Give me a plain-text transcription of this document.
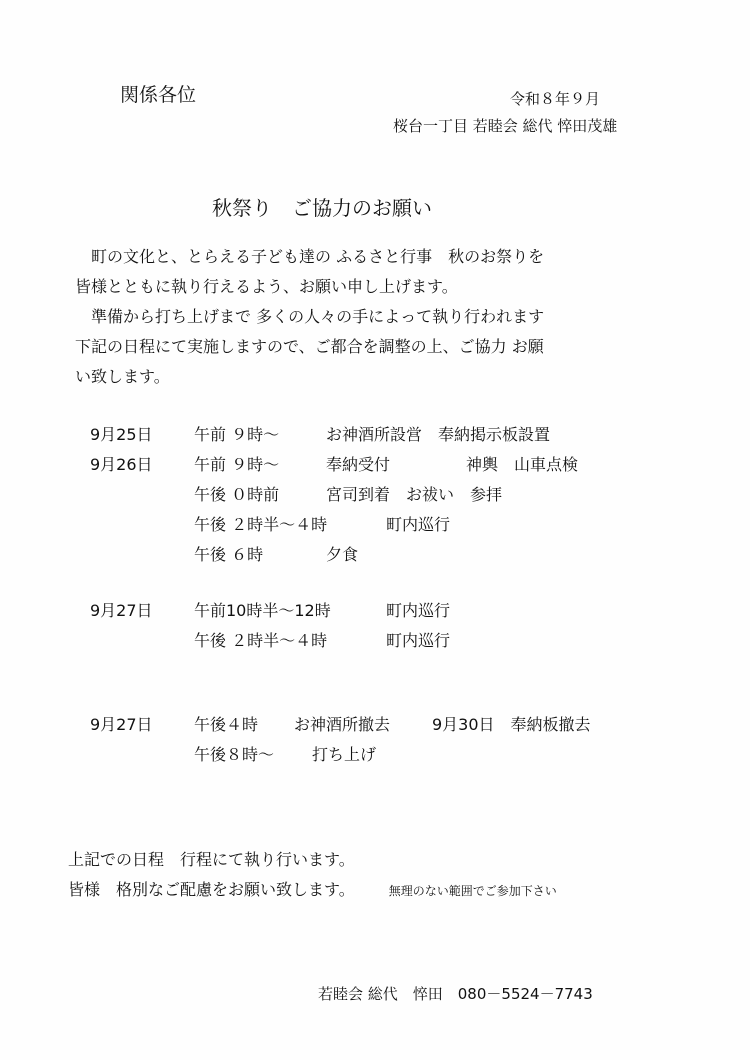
関係各位	令和８年９月
桜台一丁目 若睦会 総代 悴田茂雄
秋祭り　ご協力のお願い
　町の文化と、とらえる子ども達の ふるさと行事　秋のお祭りを
皆様とともに執り行えるよう、お願い申し上げます。
　準備から打ち上げまで 多くの人々の手によって執り行われます
下記の日程にて実施しますので、ご都合を調整の上、ご協力 お願
い致します。
9月25日	午前 ９時～	お神酒所設営　奉納掲示板設置
9月26日	午前 ９時～	奉納受付	神輿　山車点検
午後 ０時前	宮司到着　お祓い　参拝
午後 ２時半～４時	町内巡行
午後 ６時	夕食
9月27日	午前10時半～12時	町内巡行
午後 ２時半～４時	町内巡行
9月27日	午後４時 お神酒所撤去	9月30日　奉納板撤去
午後８時～ 打ち上げ
上記での日程　行程にて執り行います。
皆様　格別なご配慮をお願い致します。	無理のない範囲でご参加下さい
若睦会 総代　悴田　080－5524－7743
